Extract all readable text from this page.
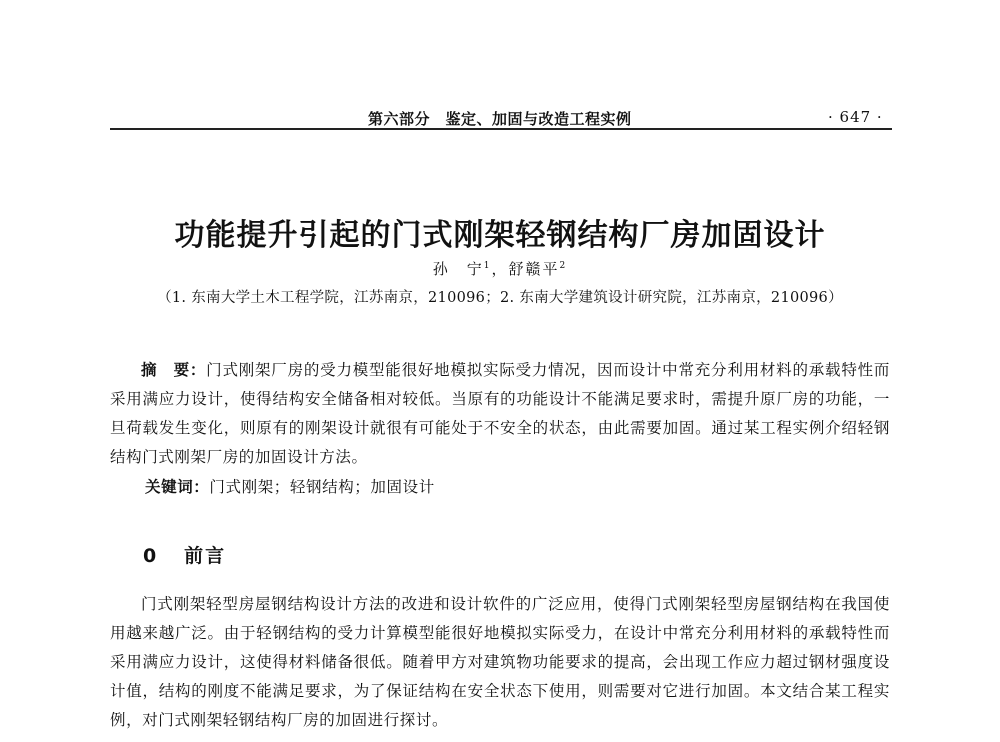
第六部分　鉴定、加固与改造工程实例	· 647 ·
功能提升引起的门式刚架轻钢结构厂房加固设计
孙　宁$^1$，舒赣平$^2$
（1. 东南大学土木工程学院，江苏南京，210096；2. 东南大学建筑设计研究院，江苏南京，210096）
摘　要：门式刚架厂房的受力模型能很好地模拟实际受力情况，因而设计中常充分利用材料的承载特性而采用满应力设计，使得结构安全储备相对较低。当原有的功能设计不能满足要求时，需提升原厂房的功能，一旦荷载发生变化，则原有的刚架设计就很有可能处于不安全的状态，由此需要加固。通过某工程实例介绍轻钢结构门式刚架厂房的加固设计方法。
关键词：门式刚架；轻钢结构；加固设计
0 前言
门式刚架轻型房屋钢结构设计方法的改进和设计软件的广泛应用，使得门式刚架轻型房屋钢结构在我国使用越来越广泛。由于轻钢结构的受力计算模型能很好地模拟实际受力，在设计中常充分利用材料的承载特性而采用满应力设计，这使得材料储备很低。随着甲方对建筑物功能要求的提高，会出现工作应力超过钢材强度设计值，结构的刚度不能满足要求，为了保证结构在安全状态下使用，则需要对它进行加固。本文结合某工程实例，对门式刚架轻钢结构厂房的加固进行探讨。
